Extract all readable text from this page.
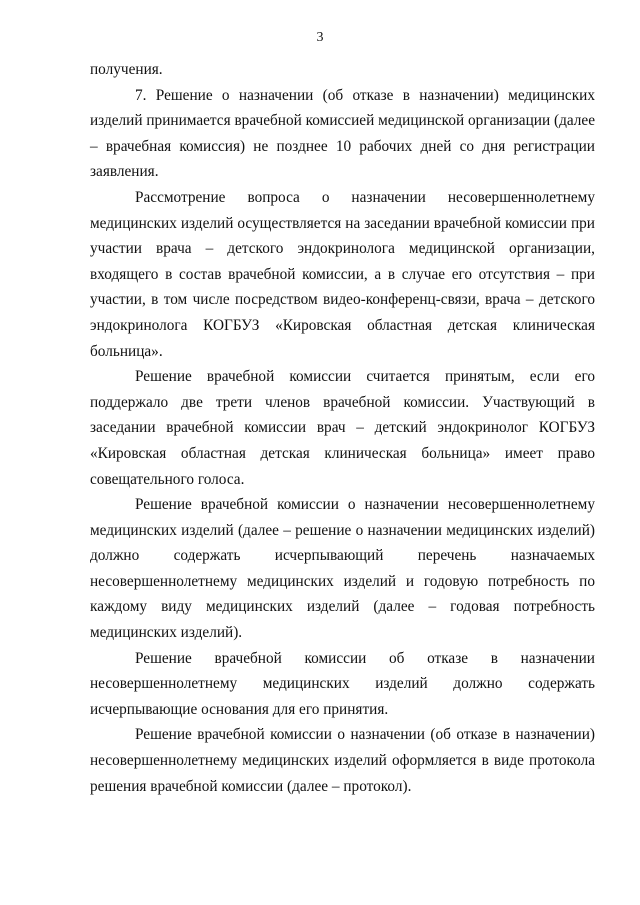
3

получения.

7. Решение о назначении (об отказе в назначении) медицинских изделий принимается врачебной комиссией медицинской организации (далее – врачебная комиссия) не позднее 10 рабочих дней со дня регистрации заявления.

Рассмотрение вопроса о назначении несовершеннолетнему медицинских изделий осуществляется на заседании врачебной комиссии при участии врача – детского эндокринолога медицинской организации, входящего в состав врачебной комиссии, а в случае его отсутствия – при участии, в том числе посредством видео-конференц-связи, врача – детского эндокринолога КОГБУЗ «Кировская областная детская клиническая больница».

Решение врачебной комиссии считается принятым, если его поддержало две трети членов врачебной комиссии. Участвующий в заседании врачебной комиссии врач – детский эндокринолог КОГБУЗ «Кировская областная детская клиническая больница» имеет право совещательного голоса.

Решение врачебной комиссии о назначении несовершеннолетнему медицинских изделий (далее – решение о назначении медицинских изделий) должно содержать исчерпывающий перечень назначаемых несовершеннолетнему медицинских изделий и годовую потребность по каждому виду медицинских изделий (далее – годовая потребность медицинских изделий).

Решение врачебной комиссии об отказе в назначении несовершеннолетнему медицинских изделий должно содержать исчерпывающие основания для его принятия.

Решение врачебной комиссии о назначении (об отказе в назначении) несовершеннолетнему медицинских изделий оформляется в виде протокола решения врачебной комиссии (далее – протокол).
